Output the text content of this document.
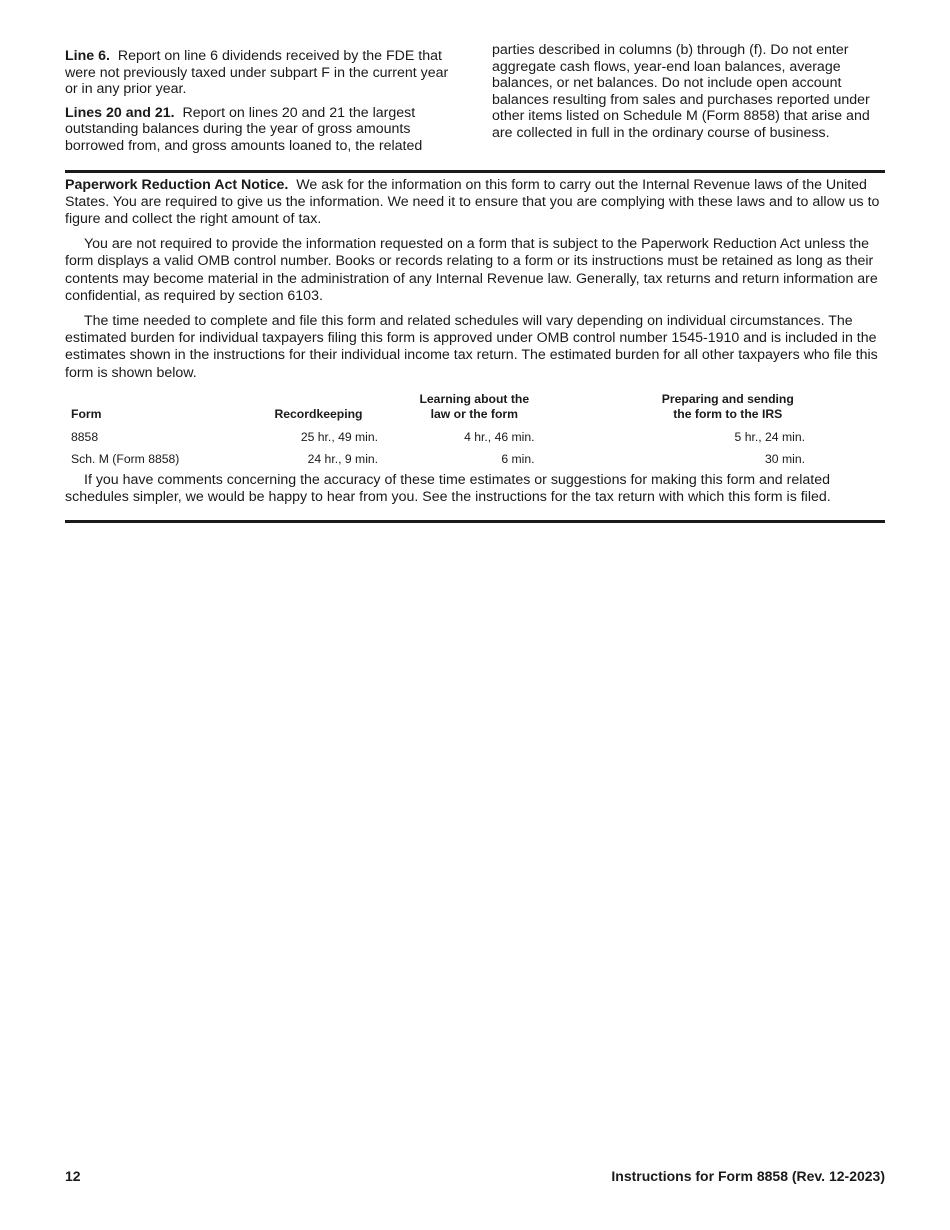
Line 6. Report on line 6 dividends received by the FDE that were not previously taxed under subpart F in the current year or in any prior year.

Lines 20 and 21. Report on lines 20 and 21 the largest outstanding balances during the year of gross amounts borrowed from, and gross amounts loaned to, the related

parties described in columns (b) through (f). Do not enter aggregate cash flows, year-end loan balances, average balances, or net balances. Do not include open account balances resulting from sales and purchases reported under other items listed on Schedule M (Form 8858) that arise and are collected in full in the ordinary course of business.

Paperwork Reduction Act Notice. We ask for the information on this form to carry out the Internal Revenue laws of the United States. You are required to give us the information. We need it to ensure that you are complying with these laws and to allow us to figure and collect the right amount of tax.

You are not required to provide the information requested on a form that is subject to the Paperwork Reduction Act unless the form displays a valid OMB control number. Books or records relating to a form or its instructions must be retained as long as their contents may become material in the administration of any Internal Revenue law. Generally, tax returns and return information are confidential, as required by section 6103.

The time needed to complete and file this form and related schedules will vary depending on individual circumstances. The estimated burden for individual taxpayers filing this form is approved under OMB control number 1545-1910 and is included in the estimates shown in the instructions for their individual income tax return. The estimated burden for all other taxpayers who file this form is shown below.

Form	Recordkeeping	Learning about the
law or the form	Preparing and sending
the form to the IRS
8858	25 hr., 49 min.	4 hr., 46 min.	5 hr., 24 min.
Sch. M (Form 8858)	24 hr., 9 min.	6 min.	30 min.

If you have comments concerning the accuracy of these time estimates or suggestions for making this form and related schedules simpler, we would be happy to hear from you. See the instructions for the tax return with which this form is filed.

12	Instructions for Form 8858 (Rev. 12-2023)
